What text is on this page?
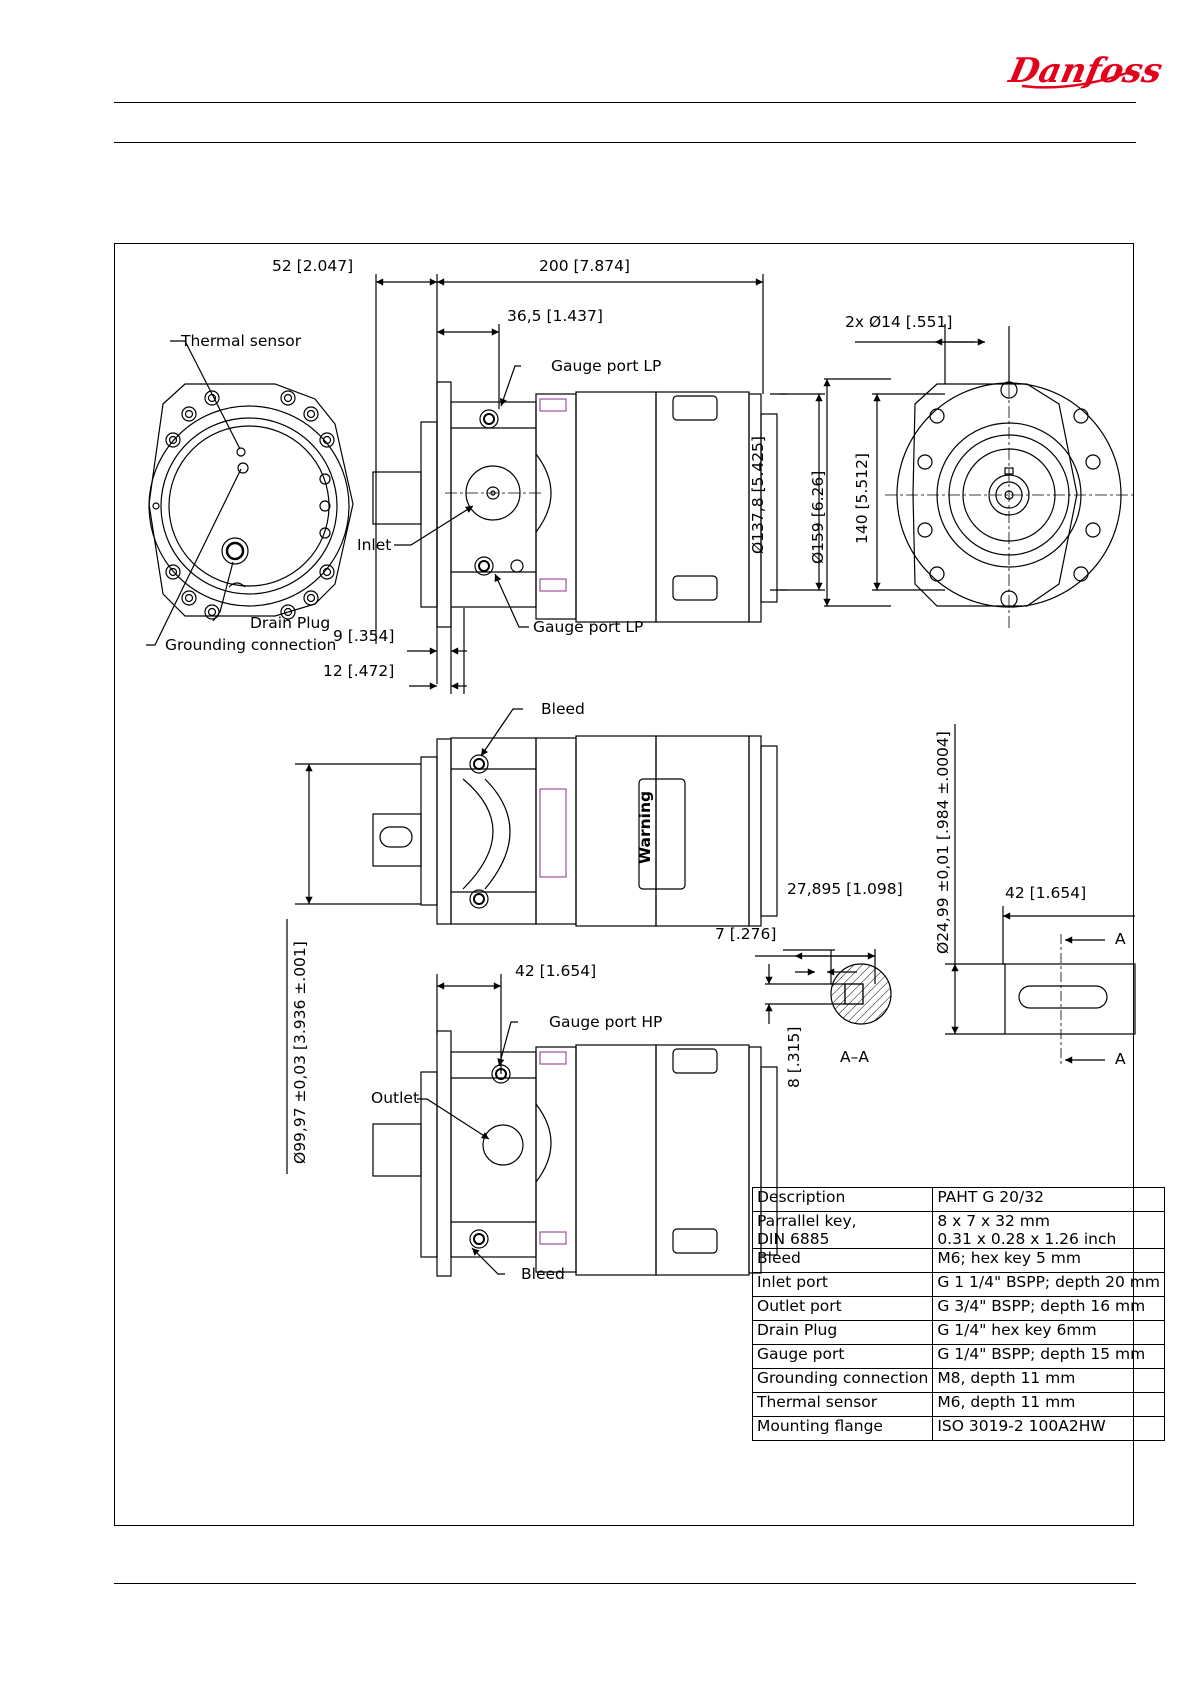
Danfoss
52 [2.047]	200 [7.874]
36,5 [1.437]	2x Ø14 [.551]
Thermal sensor
Gauge port LP
Inlet
Gauge port LP
Drain Plug
Grounding connection
9 [.354]
12 [.472]
Ø137,8 [5.425]	Ø159 [6.26] 140 [5.512]
Bleed
Ø24,99 ±0,01 [.984 ±.0004]
27,895 [1.098]
7 [.276]
8 [.315] A–A
42 [1.654]
A
A
42 [1.654]
Gauge port HP
Outlet
Bleed
Ø99,97 ±0,03 [3.936 ±.001]
Warning
Description	PAHT G 20/32
Parrallel key,
DIN 6885	8 x 7 x 32 mm
0.31 x 0.28 x 1.26 inch
Bleed	M6; hex key 5 mm
Inlet port	G 1 1/4" BSPP; depth 20 mm
Outlet port	G 3/4" BSPP; depth 16 mm
Drain Plug	G 1/4" hex key 6mm
Gauge port	G 1/4" BSPP; depth 15 mm
Grounding connection	M8, depth 11 mm
Thermal sensor	M6, depth 11 mm
Mounting flange	ISO 3019-2 100A2HW
